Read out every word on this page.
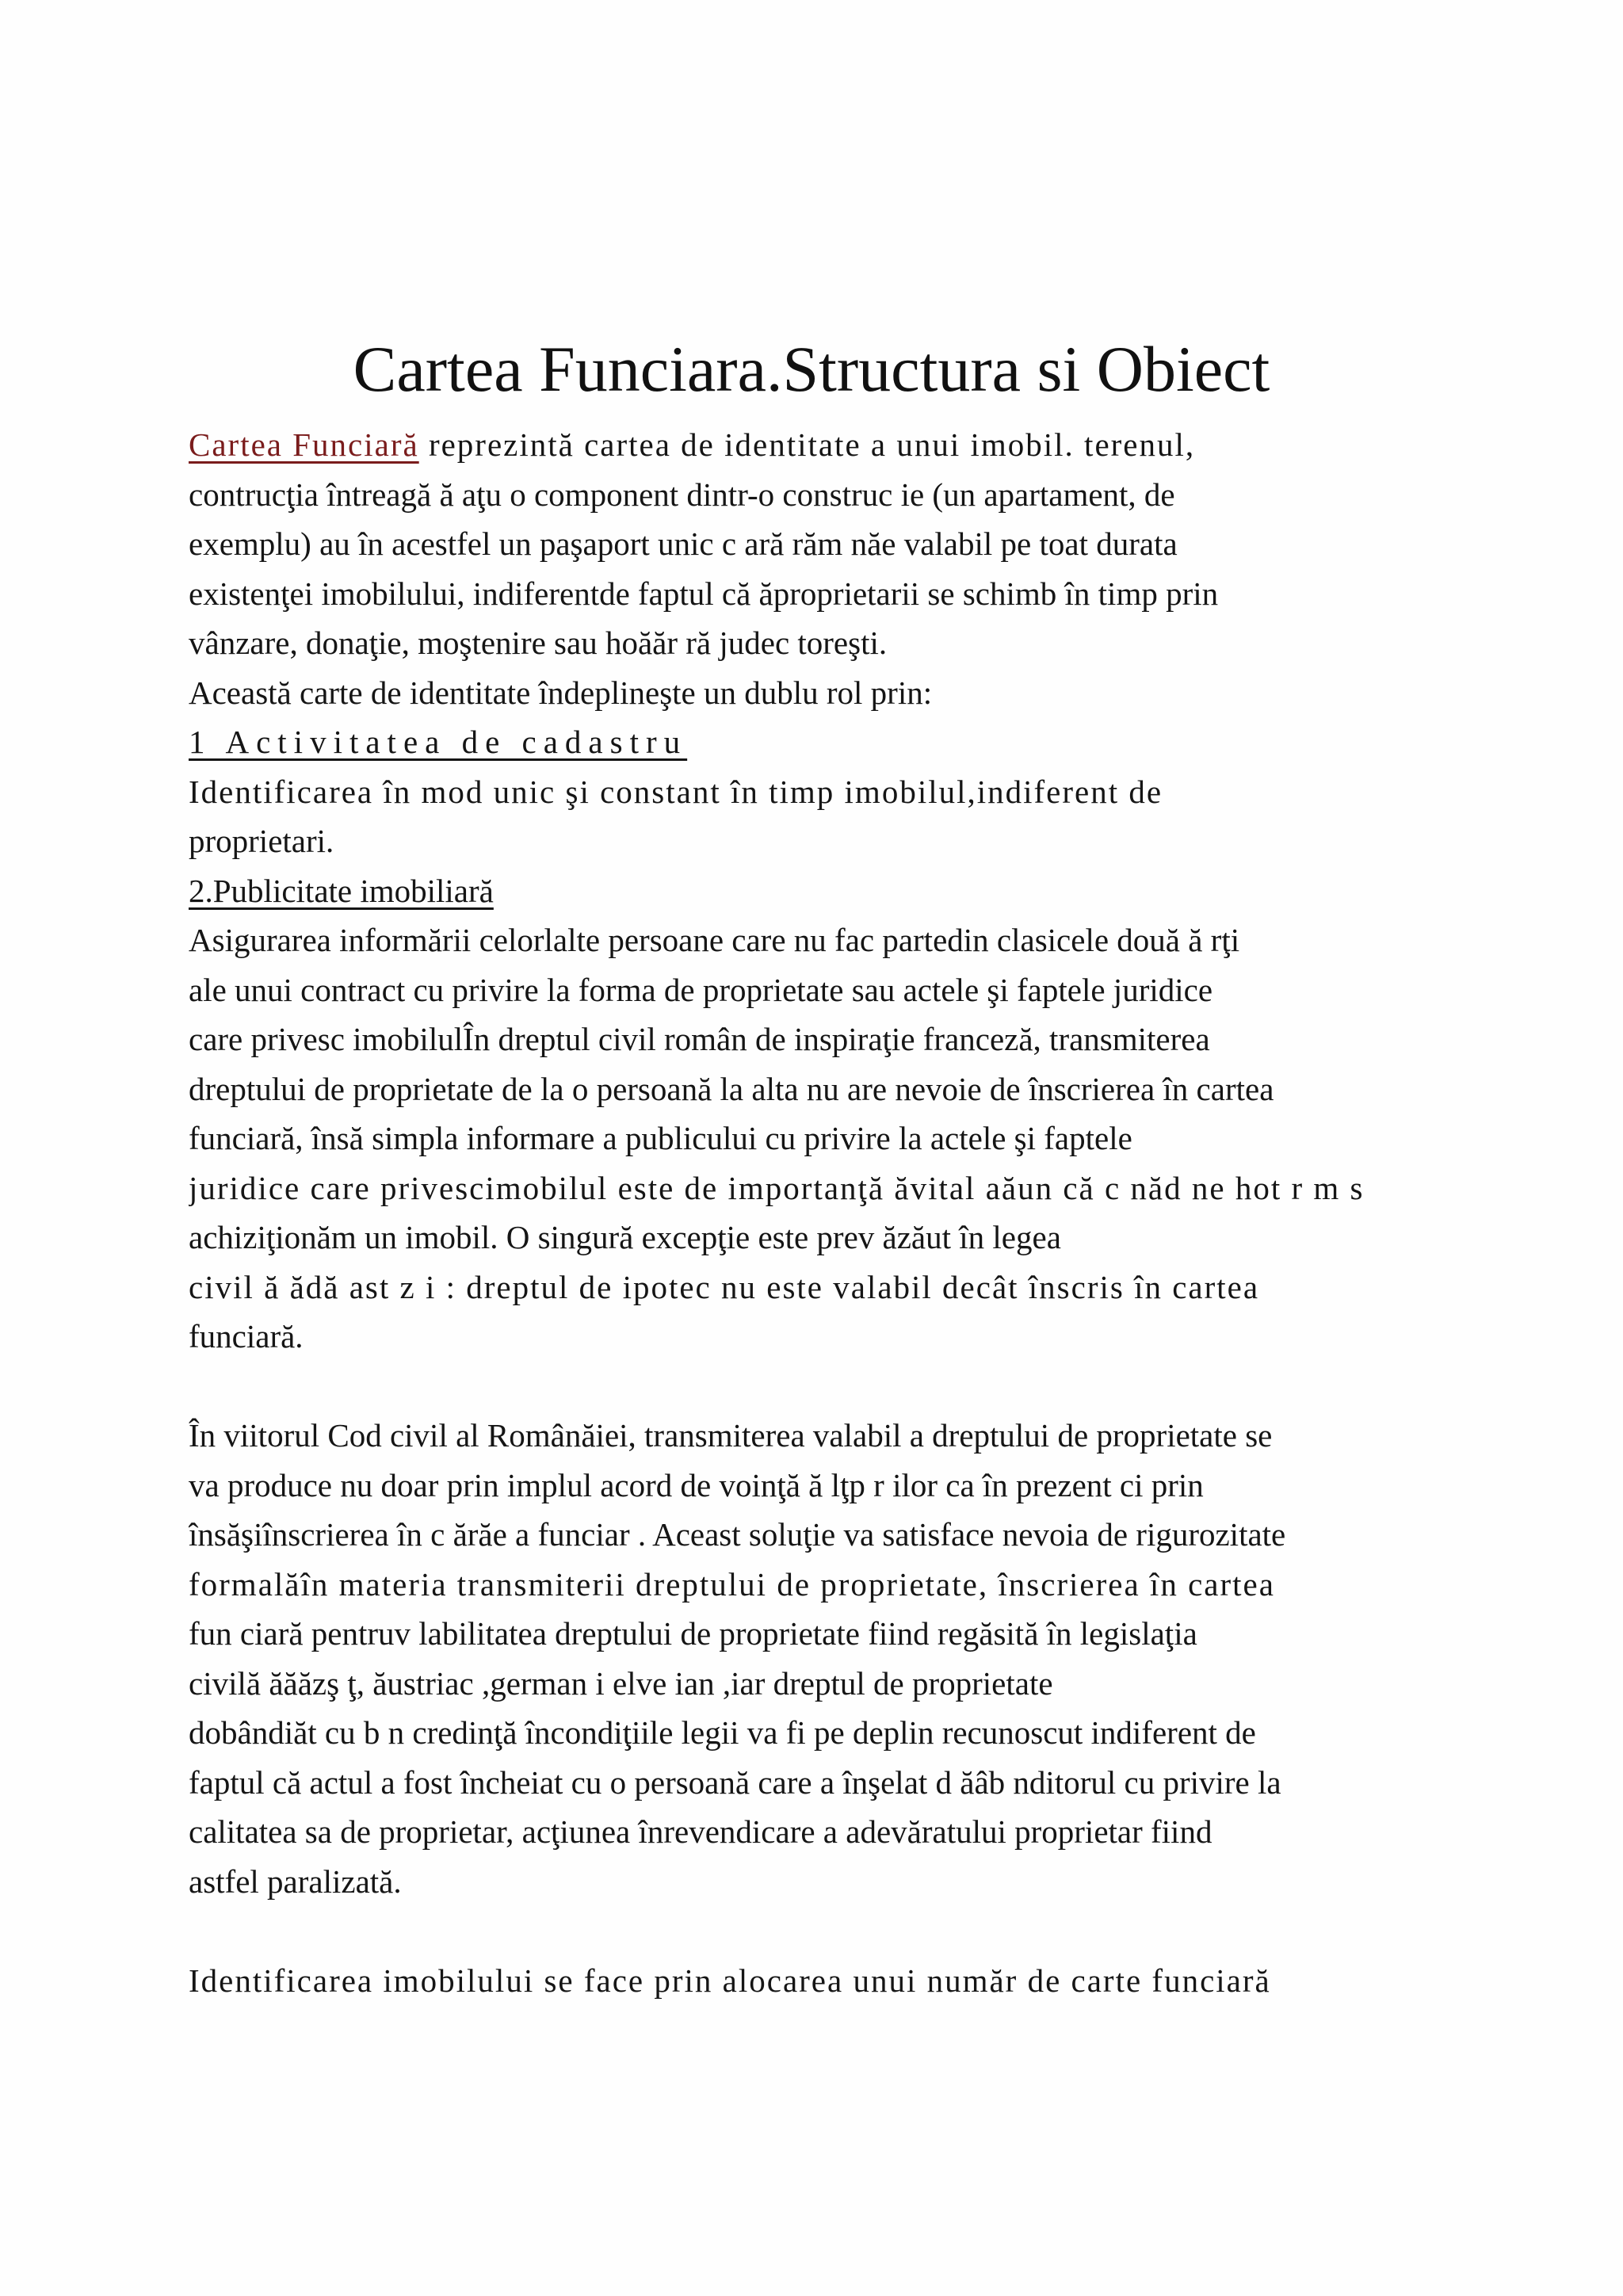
Cartea Funciara.Structura si Obiect
Cartea Funciară reprezintă cartea de identitate a unui imobil. terenul,
contrucţia întreagă ă aţu o component dintr-o construc ie (un apartament, de
exemplu) au în acestfel un paşaport unic c ară răm năe valabil pe toat durata
existenţei imobilului, indiferentde faptul că ăproprietarii se schimb în timp prin
vânzare, donaţie, moştenire sau hoăăr ră judec toreşti.
Această carte de identitate îndeplineşte un dublu rol prin:
1 Activitatea de cadastru
Identificarea în mod unic şi constant în timp imobilul,indiferent de
proprietari.
2.Publicitate imobiliară
Asigurarea informării celorlalte persoane care nu fac partedin clasicele două ă rţi
ale unui contract cu privire la forma de proprietate sau actele şi faptele juridice
care privesc imobilulÎn dreptul civil român de inspiraţie franceză, transmiterea
dreptului de proprietate de la o persoană la alta nu are nevoie de înscrierea în cartea
funciară, însă simpla informare a publicului cu privire la actele şi faptele
juridice care privescimobilul este de importanţă ăvital aăun că c năd ne hot r m s
achiziţionăm un imobil. O singură excepţie este prev ăzăut în legea
civil ă ădă ast z i : dreptul de ipotec nu este valabil decât înscris în cartea
funciară.
În viitorul Cod civil al Românăiei, transmiterea valabil a dreptului de proprietate se
va produce nu doar prin implul acord de voinţă ă lţp r ilor ca în prezent ci prin
însăşiînscrierea în c ărăe a funciar . Aceast soluţie va satisface nevoia de rigurozitate
formalăîn materia transmiterii dreptului de proprietate, înscrierea în cartea
fun ciară pentruv labilitatea dreptului de proprietate fiind regăsită în legislaţia
civilă ăăăzş ţ, ăustriac ,german i elve ian ,iar dreptul de proprietate
dobândiăt cu b n credinţă încondiţiile legii va fi pe deplin recunoscut indiferent de
faptul că actul a fost încheiat cu o persoană care a înşelat d ăâb nditorul cu privire la
calitatea sa de proprietar, acţiunea înrevendicare a adevăratului proprietar fiind
astfel paralizată.
Identificarea imobilului se face prin alocarea unui număr de carte funciară
